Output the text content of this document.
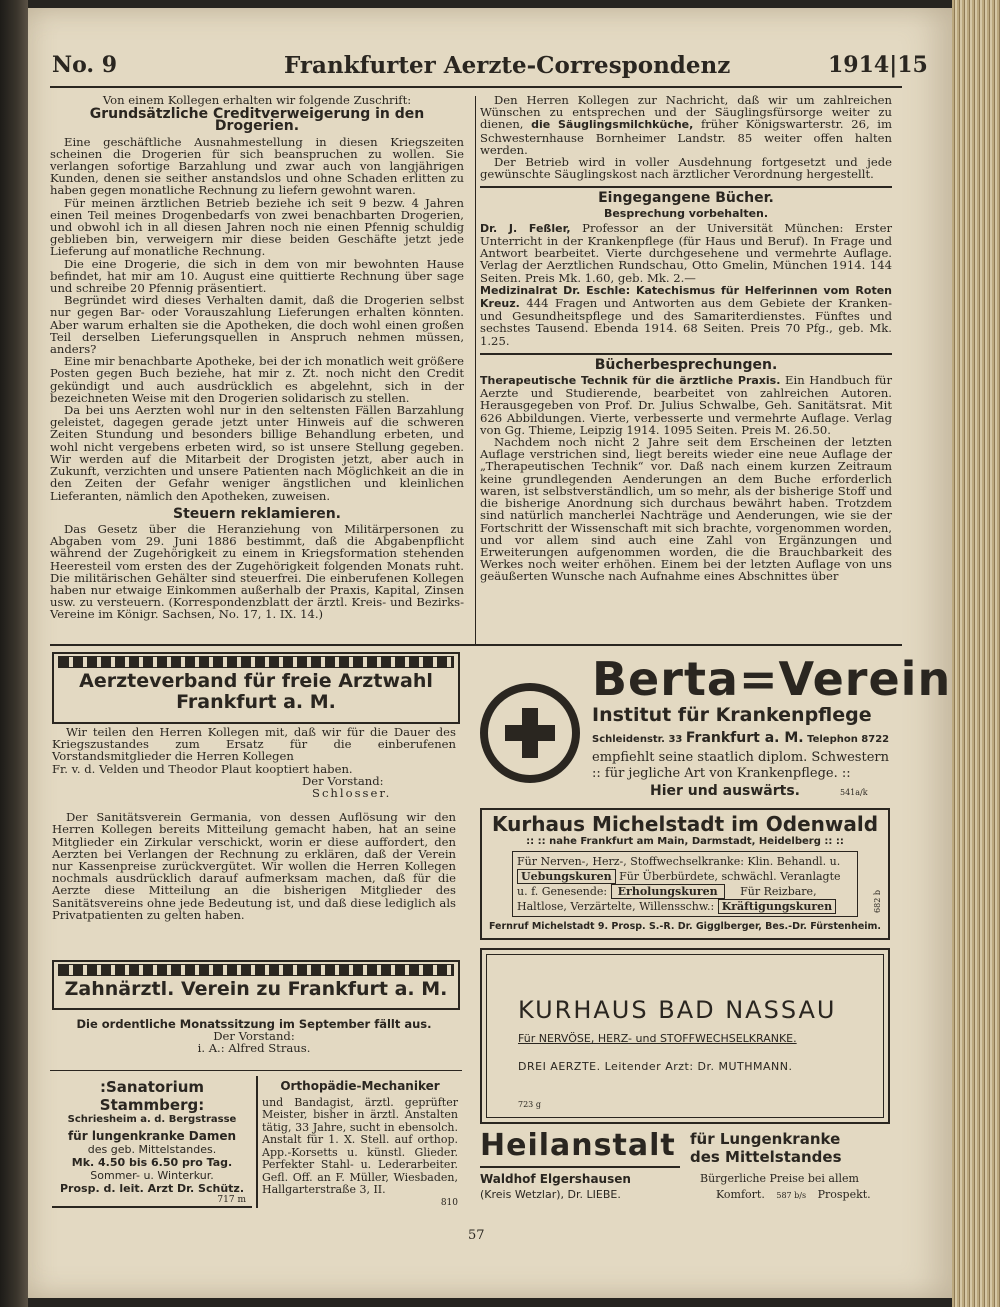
No. 9	Frankfurter Aerzte-Correspondenz	1914|15
Von einem Kollegen erhalten wir folgende Zuschrift:
Grundsätzliche Creditverweigerung in den Drogerien.

Eine geschäftliche Ausnahmestellung in diesen Kriegszeiten scheinen die Drogerien für sich beanspruchen zu wollen. Sie verlangen sofortige Barzahlung und zwar auch von langjährigen Kunden, denen sie seither anstandslos und ohne Schaden erlitten zu haben gegen monatliche Rechnung zu liefern gewohnt waren.

Für meinen ärztlichen Betrieb beziehe ich seit 9 bezw. 4 Jahren einen Teil meines Drogenbedarfs von zwei benachbarten Drogerien, und obwohl ich in all diesen Jahren noch nie einen Pfennig schuldig geblieben bin, verweigern mir diese beiden Geschäfte jetzt jede Lieferung auf monatliche Rechnung.

Die eine Drogerie, die sich in dem von mir bewohnten Hause befindet, hat mir am 10. August eine quittierte Rechnung über sage und schreibe 20 Pfennig präsentiert.

Begründet wird dieses Verhalten damit, daß die Drogerien selbst nur gegen Bar- oder Vorauszahlung Lieferungen erhalten könnten. Aber warum erhalten sie die Apotheken, die doch wohl einen großen Teil derselben Lieferungsquellen in Anspruch nehmen müssen, anders?

Eine mir benachbarte Apotheke, bei der ich monatlich weit größere Posten gegen Buch beziehe, hat mir z. Zt. noch nicht den Credit gekündigt und auch ausdrücklich es abgelehnt, sich in der bezeichneten Weise mit den Drogerien solidarisch zu stellen.

Da bei uns Aerzten wohl nur in den seltensten Fällen Barzahlung geleistet, dagegen gerade jetzt unter Hinweis auf die schweren Zeiten Stundung und besonders billige Behandlung erbeten, und wohl nicht vergebens erbeten wird, so ist unsere Stellung gegeben. Wir werden auf die Mitarbeit der Drogisten jetzt, aber auch in Zukunft, verzichten und unsere Patienten nach Möglichkeit an die in den Zeiten der Gefahr weniger ängstlichen und kleinlichen Lieferanten, nämlich den Apotheken, zuweisen.

Steuern reklamieren.

Das Gesetz über die Heranziehung von Militärpersonen zu Abgaben vom 29. Juni 1886 bestimmt, daß die Abgabenpflicht während der Zugehörigkeit zu einem in Kriegsformation stehenden Heeresteil vom ersten des der Zugehörigkeit folgenden Monats ruht. Die militärischen Gehälter sind steuerfrei. Die einberufenen Kollegen haben nur etwaige Einkommen außerhalb der Praxis, Kapital, Zinsen usw. zu versteuern. (Korrespondenzblatt der ärztl. Kreis- und Bezirks-Vereine im Königr. Sachsen, No. 17, 1. IX. 14.)

Den Herren Kollegen zur Nachricht, daß wir um zahlreichen Wünschen zu entsprechen und der Säuglingsfürsorge weiter zu dienen, die Säuglingsmilchküche, früher Königswarterstr. 26, im Schwesternhause Bornheimer Landstr. 85 weiter offen halten werden.

Der Betrieb wird in voller Ausdehnung fortgesetzt und jede gewünschte Säuglingskost nach ärztlicher Verordnung hergestellt.

Eingegangene Bücher.
Besprechung vorbehalten.

Dr. J. Feßler, Professor an der Universität München: Erster Unterricht in der Krankenpflege (für Haus und Beruf). In Frage und Antwort bearbeitet. Vierte durchgesehene und vermehrte Auflage. Verlag der Aerztlichen Rundschau, Otto Gmelin, München 1914. 144 Seiten. Preis Mk. 1.60, geb. Mk. 2.—

Medizinalrat Dr. Eschle: Katechismus für Helferinnen vom Roten Kreuz. 444 Fragen und Antworten aus dem Gebiete der Kranken- und Gesundheitspflege und des Samariterdienstes. Fünftes und sechstes Tausend. Ebenda 1914. 68 Seiten. Preis 70 Pfg., geb. Mk. 1.25.

Bücherbesprechungen.

Therapeutische Technik für die ärztliche Praxis. Ein Handbuch für Aerzte und Studierende, bearbeitet von zahlreichen Autoren. Herausgegeben von Prof. Dr. Julius Schwalbe, Geh. Sanitätsrat. Mit 626 Abbildungen. Vierte, verbesserte und vermehrte Auflage. Verlag von Gg. Thieme, Leipzig 1914. 1095 Seiten. Preis M. 26.50.

Nachdem noch nicht 2 Jahre seit dem Erscheinen der letzten Auflage verstrichen sind, liegt bereits wieder eine neue Auflage der „Therapeutischen Technik“ vor. Daß nach einem kurzen Zeitraum keine grundlegenden Aenderungen an dem Buche erforderlich waren, ist selbstverständlich, um so mehr, als der bisherige Stoff und die bisherige Anordnung sich durchaus bewährt haben. Trotzdem sind natürlich mancherlei Nachträge und Aenderungen, wie sie der Fortschritt der Wissenschaft mit sich brachte, vorgenommen worden, und vor allem sind auch eine Zahl von Ergänzungen und Erweiterungen aufgenommen worden, die die Brauchbarkeit des Werkes noch weiter erhöhen. Einem bei der letzten Auflage von uns geäußerten Wunsche nach Aufnahme eines Abschnittes über

Aerzteverband für freie Arztwahl
Frankfurt a. M.

Wir teilen den Herren Kollegen mit, daß wir für die Dauer des Kriegszustandes zum Ersatz für die einberufenen Vorstandsmitglieder die Herren Kollegen

Fr. v. d. Velden und Theodor Plaut kooptiert haben.

Der Vorstand:
Schlosser.

Der Sanitätsverein Germania, von dessen Auflösung wir den Herren Kollegen bereits Mitteilung gemacht haben, hat an seine Mitglieder ein Zirkular verschickt, worin er diese auffordert, den Aerzten bei Verlangen der Rechnung zu erklären, daß der Verein nur Kassenpreise zurückvergütet. Wir wollen die Herren Kollegen nochmals ausdrücklich darauf aufmerksam machen, daß für die Aerzte diese Mitteilung an die bisherigen Mitglieder des Sanitätsvereins ohne jede Bedeutung ist, und daß diese lediglich als Privatpatienten zu gelten haben.

Zahnärztl. Verein zu Frankfurt a. M.
Die ordentliche Monatssitzung im September fällt aus.
Der Vorstand:
i. A.: Alfred Straus.
:Sanatorium Stammberg:
Schriesheim a. d. Bergstrasse
für lungenkranke Damen
des geb. Mittelstandes.
Mk. 4.50 bis 6.50 pro Tag.
Sommer- u. Winterkur.
Prosp. d. leit. Arzt Dr. Schütz.
717 m
Orthopädie-Mechaniker
und Bandagist, ärztl. geprüfter Meister, bisher in ärztl. Anstalten tätig, 33 Jahre, sucht in ebensolch. Anstalt für 1. X. Stell. auf orthop. App.-Korsetts u. künstl. Glieder. Perfekter Stahl- u. Lederarbeiter. Gefl. Off. an F. Müller, Wiesbaden, Hallgarterstraße 3, II.
810
Berta=Verein
Institut für Krankenpflege
Schleidenstr. 33 Frankfurt a. M. Telephon 8722
empfiehlt seine staatlich diplom. Schwestern
:: für jegliche Art von Krankenpflege. ::
Hier und auswärts.	541a/k
Kurhaus Michelstadt im Odenwald
:: :: nahe Frankfurt am Main, Darmstadt, Heidelberg :: ::
Für Nerven-, Herz-, Stoffwechselkranke: Klin. Behandl. u.
Uebungskuren Für Überbürdete, schwächl. Veranlagte
u. f. Genesende: Erholungskuren Für Reizbare,
Haltlose, Verzärtelte, Willensschw.: Kräftigungskuren	682 b
Fernruf Michelstadt 9. Prosp. S.-R. Dr. Gigglberger, Bes.-Dr. Fürstenheim.
KURHAUS BAD NASSAU
Für NERVÖSE, HERZ- und STOFFWECHSELKRANKE.
DREI AERZTE. Leitender Arzt: Dr. MUTHMANN.
723 g
Heilanstalt für Lungenkranke
des Mittelstandes
Waldhof Elgershausen
(Kreis Wetzlar), Dr. LIEBE.
Bürgerliche Preise bei allem
Komfort. 587 b/s Prospekt.
57
